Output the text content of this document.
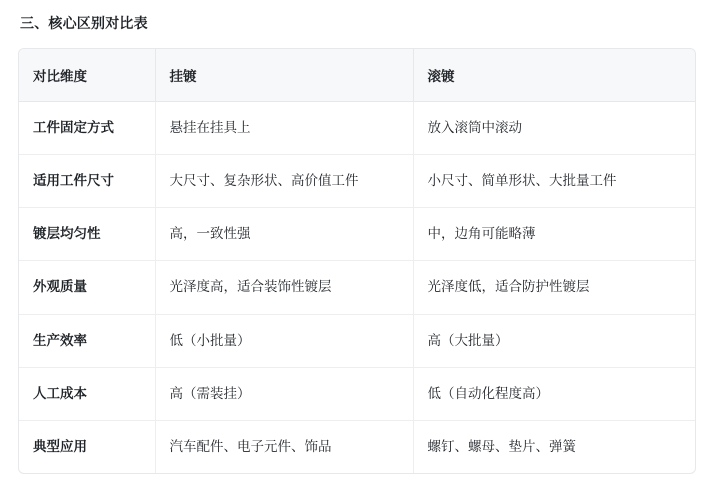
三、核心区别对比表
对比维度	挂镀	滚镀
工件固定方式	悬挂在挂具上	放入滚筒中滚动
适用工件尺寸	大尺寸、复杂形状、高价值工件	小尺寸、简单形状、大批量工件
镀层均匀性	高，一致性强	中，边角可能略薄
外观质量	光泽度高，适合装饰性镀层	光泽度低，适合防护性镀层
生产效率	低（小批量）	高（大批量）
人工成本	高（需装挂）	低（自动化程度高）
典型应用	汽车配件、电子元件、饰品	螺钉、螺母、垫片、弹簧
